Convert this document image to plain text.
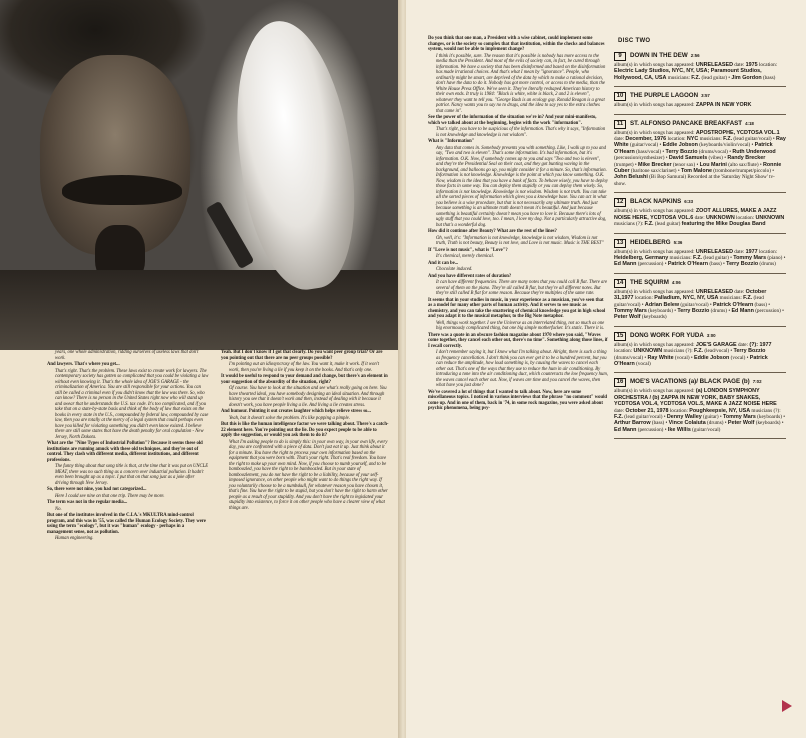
years, one whole administration, ridding ourselves of useless laws that don't work.

And lawyers. That's where you get...

That's right. That's the problem. These laws exist to create work for lawyers. The contemporary society has gotten so complicated that you could be violating a law without even knowing it. That's the whole idea of JOE'S GARAGE - the criminalization of America. You are still responsible for your actions. You can still be called a criminal even if you didn't know that the law was there. So, who can know? There is no person in the United States right now who will stand up and swear that he understands the U.S. tax code. It's too complicated, and if you take that on a state-by-state basis and think of the body of law that exists on the books in every state in the U.S., compounded by federal law, compounded by case law, then you are totally at the mercy of a legal system that could perhaps even have you killed for violating something you didn't even know existed. I believe there are still some states that have the death penalty for oral copulation - New Jersey, North Dakota.

What are the "Nine Types of Industrial Pollution"? Because it seems these old institutions are running amuck with these old techniques, and they're out of control. They clash with different media, different institutions, and different professions.

The funny thing about that song title is that, at the time that it was put on UNCLE MEAT, there was no such thing as a concern over industrial pollution. It hadn't even been brought up as a topic. I put that on that song just as a joke after driving through New Jersey.

So, there were not nine, you had not categorized...

Here I could see nine on that one trip. There may be more.

The term was not in the regular media...

No.

But one of the institutes involved in the C.I.A.'s MKULTRA mind-control program, and this was in '55, was called the Human Ecology Society. They were using the term "ecology", but it was "human" ecology - perhaps in a management sense, not as pollution.

Human engineering.

Yeah. But I don't know if I got that clearly. Do you want peer group trial? Or are you pointing out that there are no peer groups possible?

I'm pointing out an idiosyncrasy of the law. You want it, make it work. If it won't work, then you're living a lie if you keep it on the books. And that's only one.

It would be useful to respond to your demand and change, but there's an element in your suggestion of the absurdity of the situation, right?

Of course. You have to look at the situation and see what's really going on here. You have thwarted ideal, you have somebody designing an ideal situation. And through history you see that it doesn't work and then, instead of dealing with it because it doesn't work, you have people living a lie. And living a lie creates stress.

And humour. Pointing it out creates laughter which helps relieve stress so...

Yeah, but it doesn't solve the problem. It's like popping a pimple.

But this is like the human intelligence factor we were talking about. There's a catch-22 element here. You're pointing out the lie. Do you expect people to be able to apply the suggestion, or would you ask them to do it?

What I'm asking people to do is simply this: in your own way, in your own life, every day, you are confronted with a piece of data. Don't just eat it up. Just think about it for a minute. You have the right to process your own information based on the equipment that you were born with. That's your right. That's real freedom. You have the right to make up your own mind. Now, if you choose to numb yourself, and to be bamboozled, you have the right to be bamboozled. But in your state of bamboozlement, you do not have the right to be a liability, because of your self-imposed ignorance, on other people who might want to do things the right way. If you voluntarily choose to be a numbskull, for whatever reason you have chosen it, that's fine. You have the right to be stupid, but you don't have the right to harm other people as a result of your stupidity. And you don't have the right to legislated your stupidity into existence, to force it on other people who have a clearer view of what things are.

Do you think that one man, a President with a wise cabinet, could implement some changes, or is the society so complex that that institution, within the checks and balances system, would not be able to implement change?

I think it's possible, sure. The reason that it's possible is nobody has more access to the media than the President. And most of the evils of society can, in fact, be cured through information. We have a society that has been disinformed and based on the disinformation has made irrational choices. And that's what I mean by "ignorance". People, who ordinarily might be smart, are deprived of the data by which to make a rational decision, don't have the data to do it. Nobody has got more control, or access to the media, than the White House Press Office. We've seen it. They've literally reshaped American history to their own ends. It truly is 1984: "Black is white, white is black, 2 and 2 is eleven", whatever they want to tell you. "George Bush is an ecology guy. Ronald Reagan is a great patriot. Nancy wants you to say no to drugs, and the idea to say yes to the extra clothes that came in".

See the power of the information of the situation we're in? And your mini-manifesto, which we talked about at the beginning, begins with the work "information".

That's right, you have to be suspicious of the information. That's why it says, "Information is not knowledge and knowledge is not wisdom".

What is "Information"

Any data that comes in. Somebody presents you with something. Like, I walk up to you and say, "Two and two is eleven". That's some information. It's bad information, but it's information. O.K. Now, if somebody comes up to you and says "Two and two is eleven", and they're the Presidential Seal on their coat, and they got bunting waving in the background, and balloons go up, you might consider it for a minute. So, that's information. Information is not knowledge. Knowledge is the point at which you know something. O.K. Now, wisdom is the idea that you have a bank of facts. To behave wisely, you have to deploy those facts in some way. You can deploy them stupidly or you can deploy them wisely. So, information is not knowledge. Knowledge is not wisdom. Wisdom is not truth. You can take all the sorted pieces of information which gives you a knowledge base. You can act in what you believe is a wise procedure, but that is not necessarily any ultimate truth. And just because something is an ultimate truth doesn't mean it's beautiful. And just because something is beautiful certainly doesn't mean you have to love it. Because there's lots of ugly stuff that you could love, too. I mean, I love my dog. Not a particularly attractive dog, but that's a wonderful dog.

How did it continue after Beauty? What are the rest of the lines?

Oh, well, it's: "Information is not knowledge, knowledge is not wisdom, Wisdom is not truth, Truth is not beauty, Beauty is not love, and Love is not music. Music is THE BEST"

If "Love is not music", what is "Love"?

It's chemical, merely chemical.

And it can be...

Chocolate induced.

And you have different rates of duration?

It can have different frequencies. There are many notes that you could call B flat. There are several of them on the piano. They're all called B flat, but they're all different notes. But they're still called B flat for some reason. Because they're multiples of the same rate.

It seems that in your studies in music, in your experience as a musician, you've seen that as a model for many other parts of human activity. And it serves to see music as chemistry, and you can take the smattering of chemical knowledge you got in high school and you adapt it to the musical metaphor, to the Big Note metaphor.

Well, things work together. I see the Universe as an interrelated thing, not so much as one big enormously complicated thing, but one big simple motherfucker. It's static. There it is.

There was a quote in an obscure fashion magazine about 1970 where you said, "Waves come together, they cancel each other out, there's no time". Something along those lines, if I recall correctly.

I don't remember saying it, but I know what I'm talking about. Alright, there is such a thing as frequency cancellation. I don't think you can ever get it to be a hundred percent, but you can reduce the amplitude, how loud something is, by causing the waves to cancel each other out. That's one of the ways that they use to reduce the hum in air conditioning. By introducing a tone into the air conditioning duct, which counteracts the low frequency hum, the waves cancel each other out. Now, if waves are time and you cancel the waves, then what have you just done?

We've covered a lot of things that I wanted to talk about. Now, here are some miscellaneous topics. I noticed in various interviews that the phrase "no comment" would come up. And in one of them, back in '74, in some rock magazine, you were asked about psychic phenomena, being psy-

DISC TWO
9 DOWN IN THE DEW 2:56
album(s) in which songs has appeared: UNRELEASED date: 1975 location: Electric Lady Studios, NYC, NY, USA; Paramount Studios, Hollywood, CA, USA musicians: F.Z. (lead guitar) • Jim Gordon (bass)
10 THE PURPLE LAGOON 3:57
album(s) in which songs has appeared: ZAPPA IN NEW YORK
11 ST. ALFONSO PANCAKE BREAKFAST 4:18
album(s) in which songs has appeared: APOSTROPHE, YCDTOSA VOL.1 date: December, 1976 location: NYC musicians: F.Z. (lead guitar/vocal) • Ray White (guitar/vocal) • Eddie Jobson (keyboards/violin/vocal) • Patrick O'Hearn (bass/vocal) • Terry Bozzio (drums/vocal) • Ruth Underwood (percussion/synthesizer) • David Samuels (vibes) • Randy Brecker (trumpet) • Mike Brecker (tenor sax) • Lou Marini (alto sax/flute) • Ronnie Cuber (baritone sax/clarinet) • Tom Malone (trombone/trumpet/piccolo) • John Belushi (Bi Bop Samurai) Recorded at the 'Saturday Night Show' tv-show.
12 BLACK NAPKINS 6:33
album(s) in which songs has appeared: ZOOT ALLURES, MAKE A JAZZ NOISE HERE, YCDTOSA VOL.6 date: UNKNOWN location: UNKNOWN musicians (?): F.Z. (lead guitar) featuring the Mike Douglas Band
13 HEIDELBERG 5:36
album(s) in which songs has appeared: UNRELEASED date: 1977 location: Heidelberg, Germany musicians: F.Z. (lead guitar) • Tommy Mars (piano) • Ed Mann (percussion) • Patrick O'Hearn (bass) • Terry Bozzio (drums)
14 THE SQUIRM 4:06
album(s) in which songs has appeared: UNRELEASED date: October 31,1977 location: Palladium, NYC, NY, USA musicians: F.Z. (lead guitar/vocal) • Adrian Belew (guitar/vocal) • Patrick O'Hearn (bass) • Tommy Mars (keyboards) • Terry Bozzio (drums) • Ed Mann (percussion) • Peter Wolf (keyboards)
15 DONG WORK FOR YUDA 3:00
album(s) in which songs has appeared: JOE'S GARAGE date: (?): 1977 location: UNKNOWN musicians (?): F.Z. (lead/vocal) • Terry Bozzio (drums/vocal) • Ray White (vocal) • Eddie Jobson (vocal) • Patrick O'Hearn (vocal)
16 MOE'S VACATIONS (a)/ BLACK PAGE (b) 7:02
album(s) in which songs has appeared: (a) LONDON SYMPHONY ORCHESTRA / (b) ZAPPA IN NEW YORK, BABY SNAKES, YCDTOSA VOL.4, YCDTOSA VOL.5, MAKE A JAZZ NOISE HERE date: October 21, 1978 location: Poughkeepsie, NY, USA musicians (?): F.Z. (lead guitar/vocal) • Denny Walley (guitar) • Tommy Mars (keyboards) • Arthur Barrow (bass) • Vince Colaiuta (drums) • Peter Wolf (keyboards) • Ed Mann (percussion) • Ike Willis (guitar/vocal)
